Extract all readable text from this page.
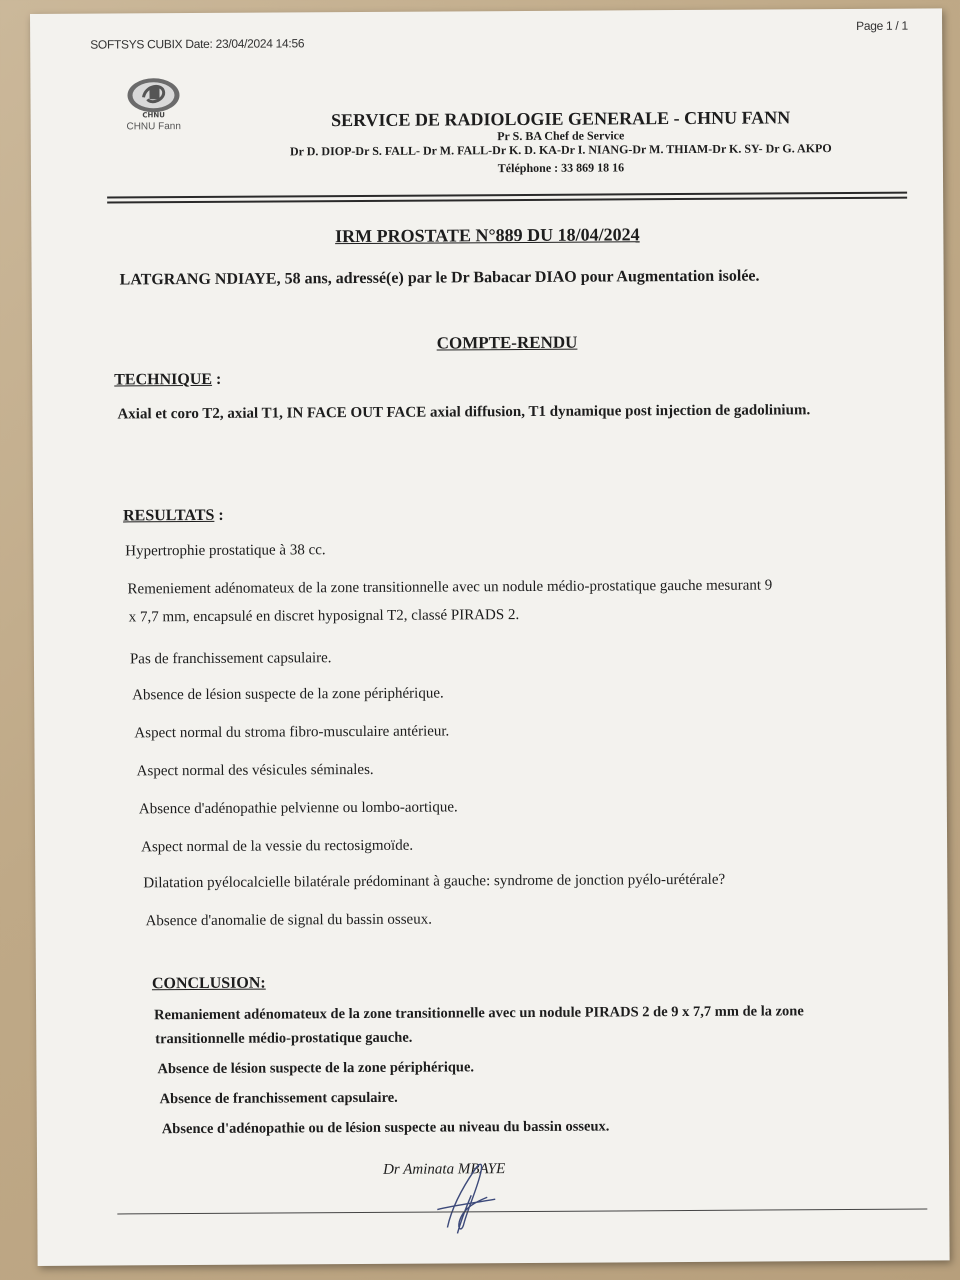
SOFTSYS CUBIX Date: 23/04/2024 14:56
Page 1 / 1
CHNU
CHNU Fann	SERVICE DE RADIOLOGIE GENERALE - CHNU FANN
Pr S. BA Chef de Service
Dr D. DIOP-Dr S. FALL- Dr M. FALL-Dr K. D. KA-Dr I. NIANG-Dr M. THIAM-Dr K. SY- Dr G. AKPO
Téléphone : 33 869 18 16
IRM PROSTATE N°889 DU 18/04/2024
LATGRANG NDIAYE, 58 ans, adressé(e) par le Dr Babacar DIAO pour Augmentation isolée.
COMPTE-RENDU
TECHNIQUE :
Axial et coro T2, axial T1, IN FACE OUT FACE axial diffusion, T1 dynamique post injection de gadolinium.
RESULTATS :
Hypertrophie prostatique à 38 cc.
Remeniement adénomateux de la zone transitionnelle avec un nodule médio-prostatique gauche mesurant 9
x 7,7 mm, encapsulé en discret hyposignal T2, classé PIRADS 2.
Pas de franchissement capsulaire.
Absence de lésion suspecte de la zone périphérique.
Aspect normal du stroma fibro-musculaire antérieur.
Aspect normal des vésicules séminales.
Absence d'adénopathie pelvienne ou lombo-aortique.
Aspect normal de la vessie du rectosigmoïde.
Dilatation pyélocalcielle bilatérale prédominant à gauche: syndrome de jonction pyélo-urétérale?
Absence d'anomalie de signal du bassin osseux.
CONCLUSION:
Remaniement adénomateux de la zone transitionnelle avec un nodule PIRADS 2 de 9 x 7,7 mm de la zone
transitionnelle médio-prostatique gauche.
Absence de lésion suspecte de la zone périphérique.
Absence de franchissement capsulaire.
Absence d'adénopathie ou de lésion suspecte au niveau du bassin osseux.
Dr Aminata MBAYE
